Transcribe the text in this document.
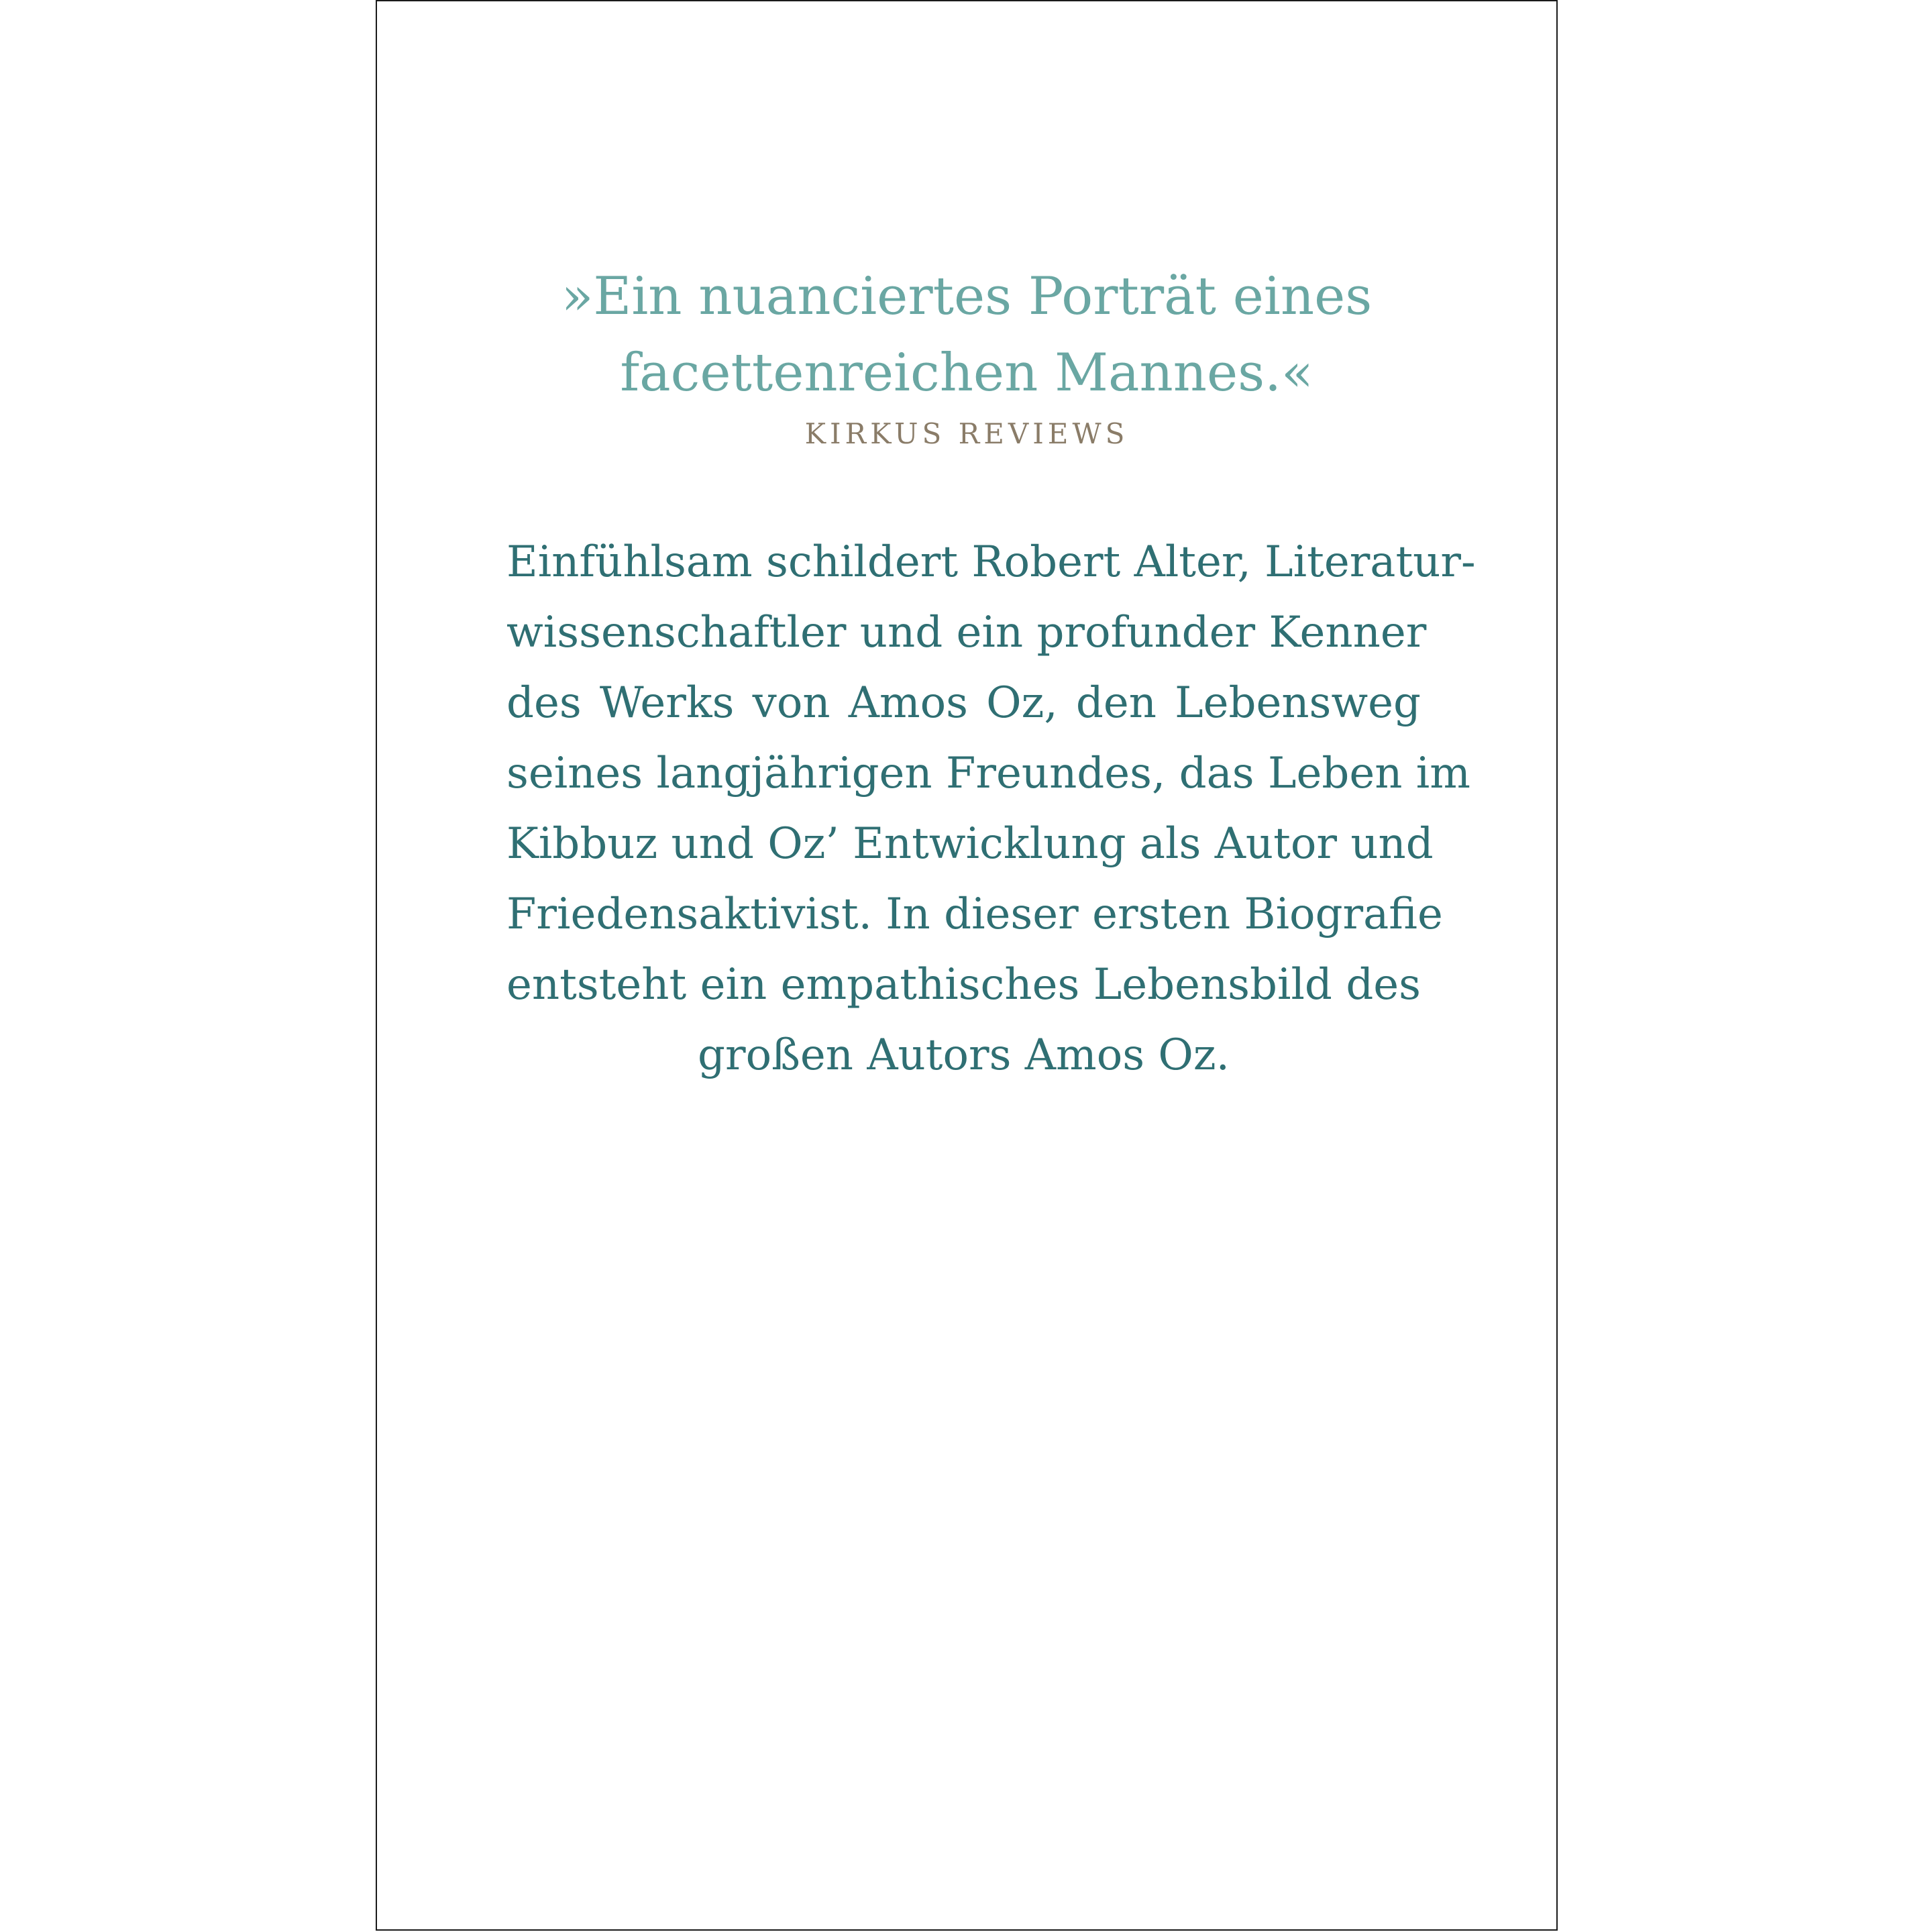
»Ein nuanciertes Porträt eines
facettenreichen Mannes.«
KIRKUS REVIEWS
Einfühlsam schildert Robert Alter, Literatur-
wissenschaftler und ein profunder Kenner
des Werks von Amos Oz, den Lebensweg
seines langjährigen Freundes, das Leben im
Kibbuz und Oz’ Entwicklung als Autor und
Friedensaktivist. In dieser ersten Biografie
entsteht ein empathisches Lebensbild des
großen Autors Amos Oz.
